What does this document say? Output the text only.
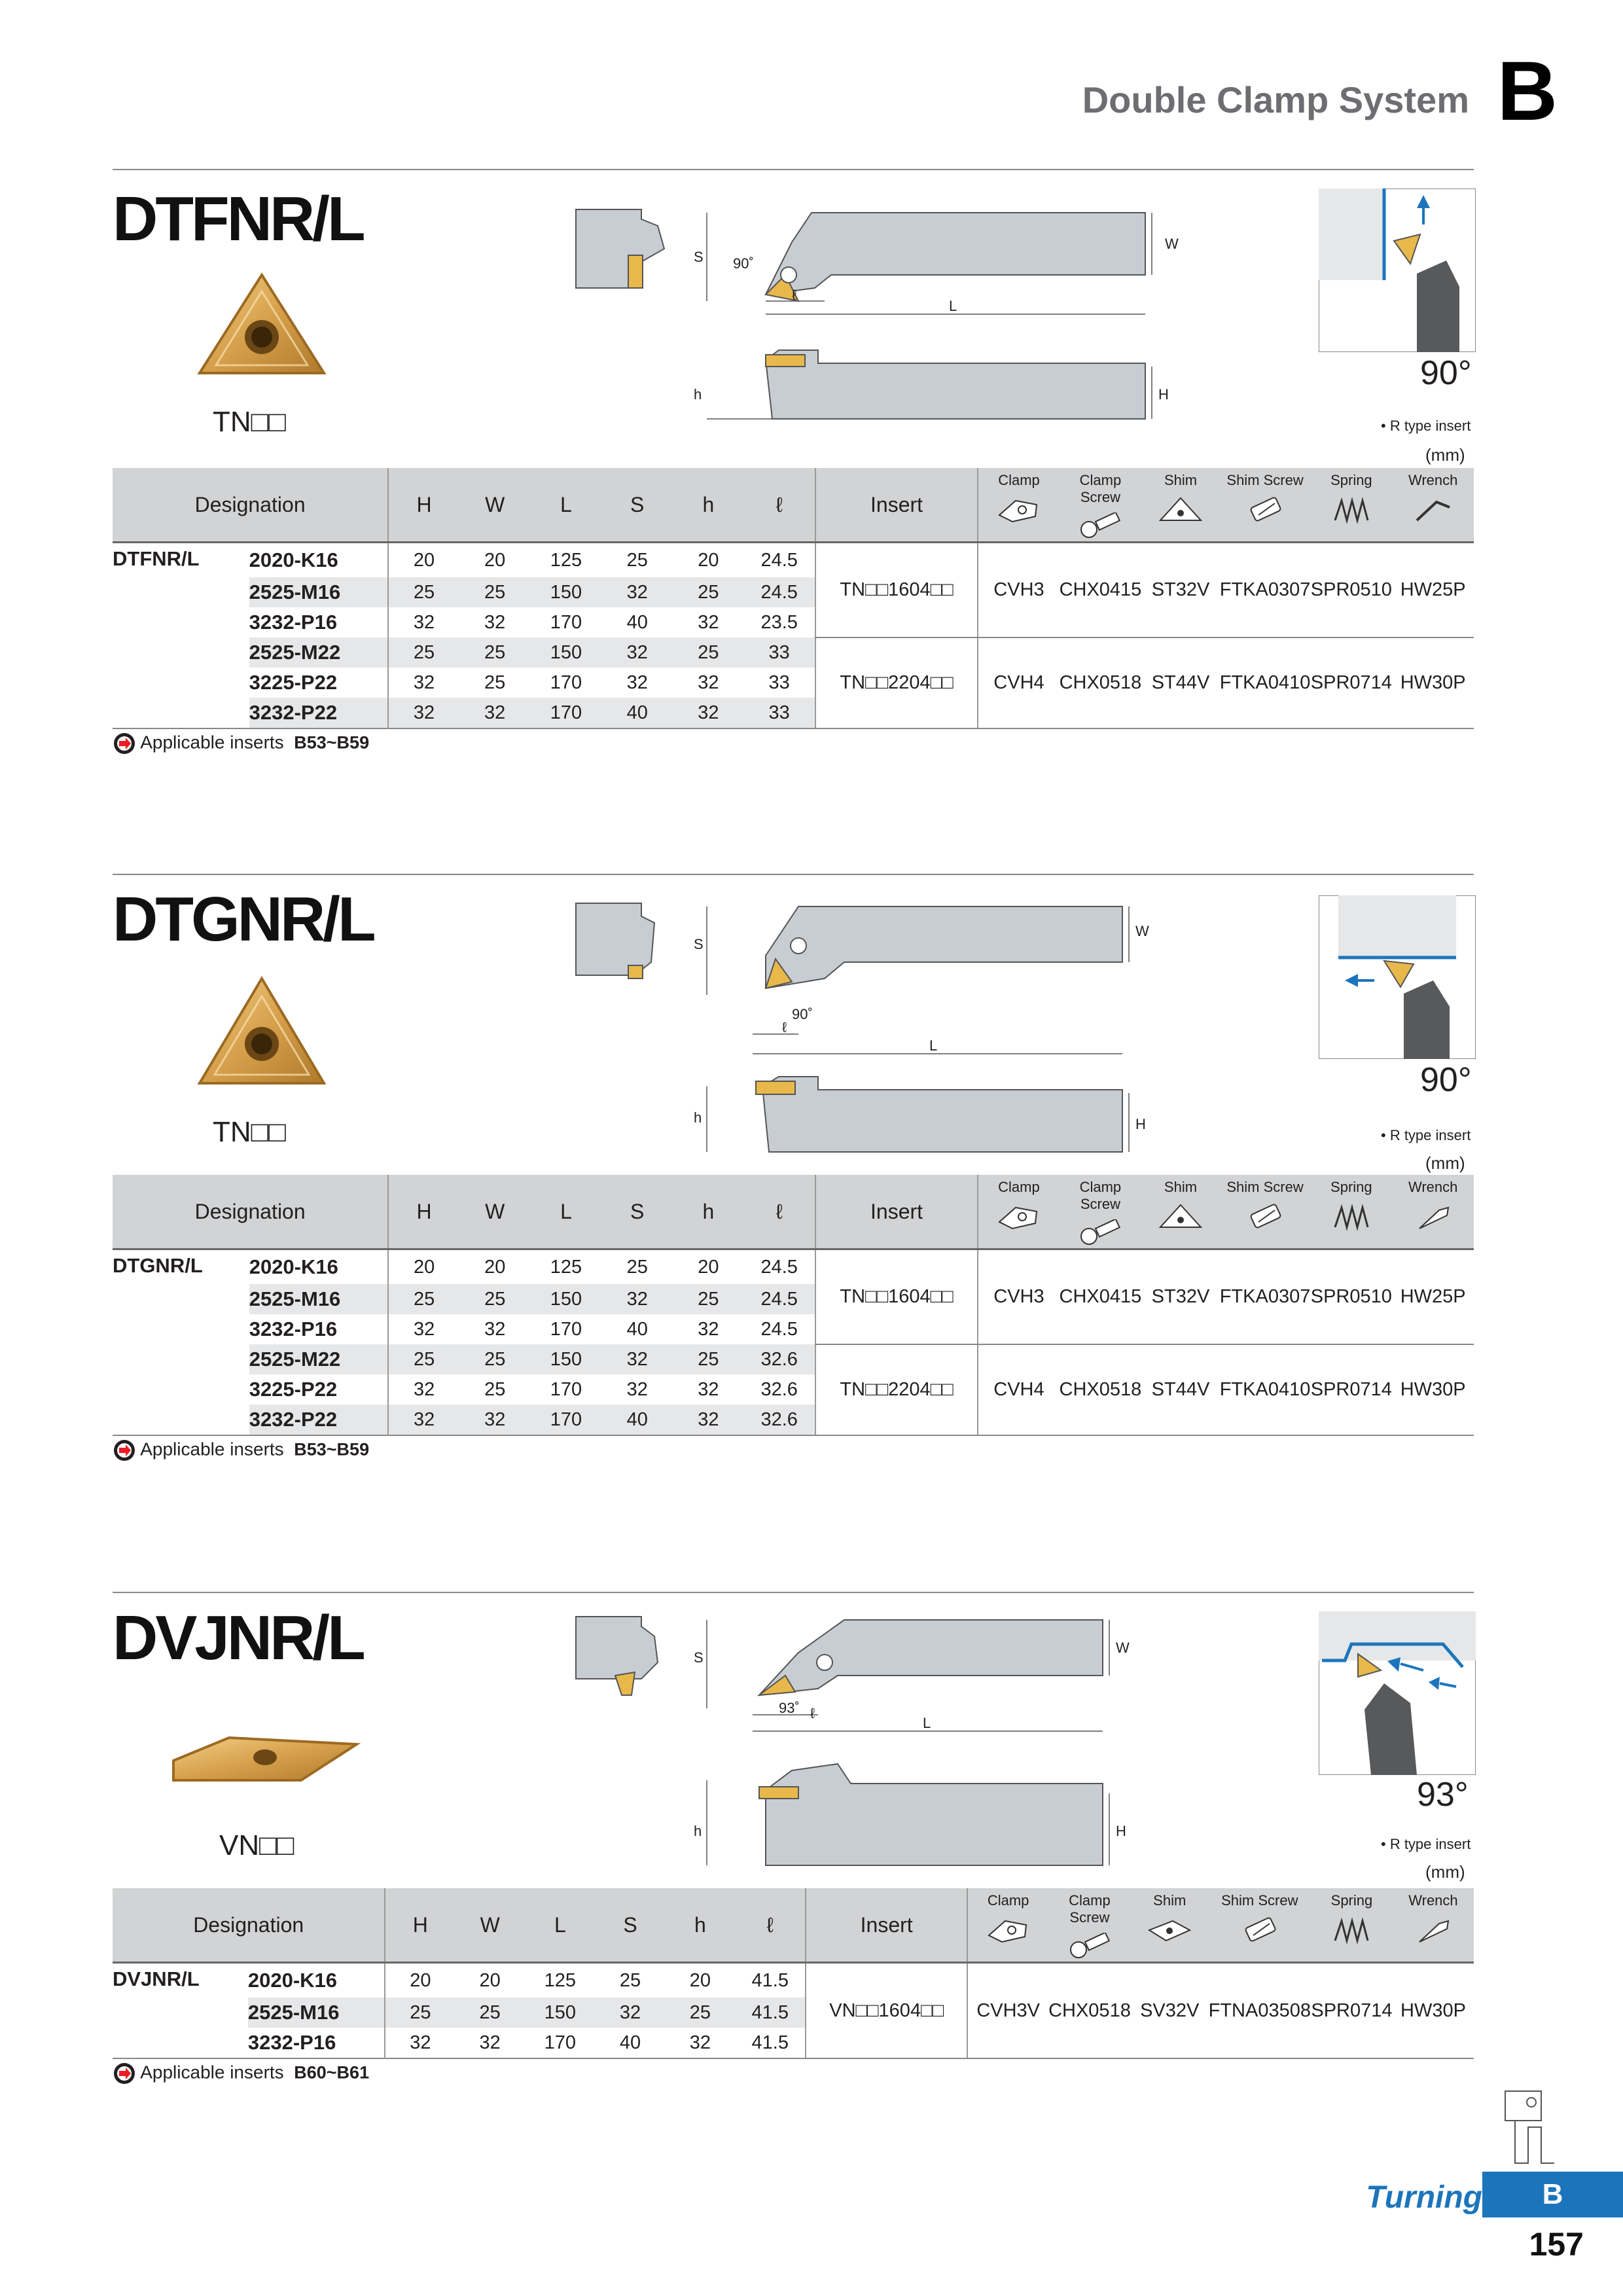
Double Clamp System B
DTFNR/L
TN□□
S
W
L
ℓ
90˚
h	H
90°
• R type insert
(mm)
Designation		H	W	L	S	h	ℓ	Insert	Clamp	Clamp Screw	Shim	Shim Screw	Spring	Wrench

DTFNR/L	2020-K16	20	20	125	25	20	24.5	TN□□1604□□	CVH3	CHX0415	ST32V	FTKA0307	SPR0510	HW25P
	2525-M16	25	25	150	32	25	24.5							
	3232-P16	32	32	170	40	32	23.5							
	2525-M22	25	25	150	32	25	33	TN□□2204□□	CVH4	CHX0518	ST44V	FTKA0410	SPR0714	HW30P
	3225-P22	32	25	170	32	32	33							
	3232-P22	32	32	170	40	32	33							
Applicable inserts B53~B59
DTGNR/L
TN□□
S
W
L
ℓ
90˚
h	H
90°
• R type insert
(mm)
Designation		H	W	L	S	h	ℓ	Insert	Clamp	Clamp Screw	Shim	Shim Screw	Spring	Wrench

DTGNR/L	2020-K16	20	20	125	25	20	24.5	TN□□1604□□	CVH3	CHX0415	ST32V	FTKA0307	SPR0510	HW25P
	2525-M16	25	25	150	32	25	24.5							
	3232-P16	32	32	170	40	32	24.5							
	2525-M22	25	25	150	32	25	32.6	TN□□2204□□	CVH4	CHX0518	ST44V	FTKA0410	SPR0714	HW30P
	3225-P22	32	25	170	32	32	32.6							
	3232-P22	32	32	170	40	32	32.6							
Applicable inserts B53~B59
DVJNR/L
VN□□
S
W
L
ℓ
93˚
h	H
93°
• R type insert
(mm)
Designation		H	W	L	S	h	ℓ	Insert	Clamp	Clamp Screw	Shim	Shim Screw	Spring	Wrench

DVJNR/L	2020-K16	20	20	125	25	20	41.5	VN□□1604□□	CVH3V	CHX0518	SV32V	FTNA03508	SPR0714	HW30P
	2525-M16	25	25	150	32	25	41.5							
	3232-P16	32	32	170	40	32	41.5							
Applicable inserts B60~B61
Turning	B
157
